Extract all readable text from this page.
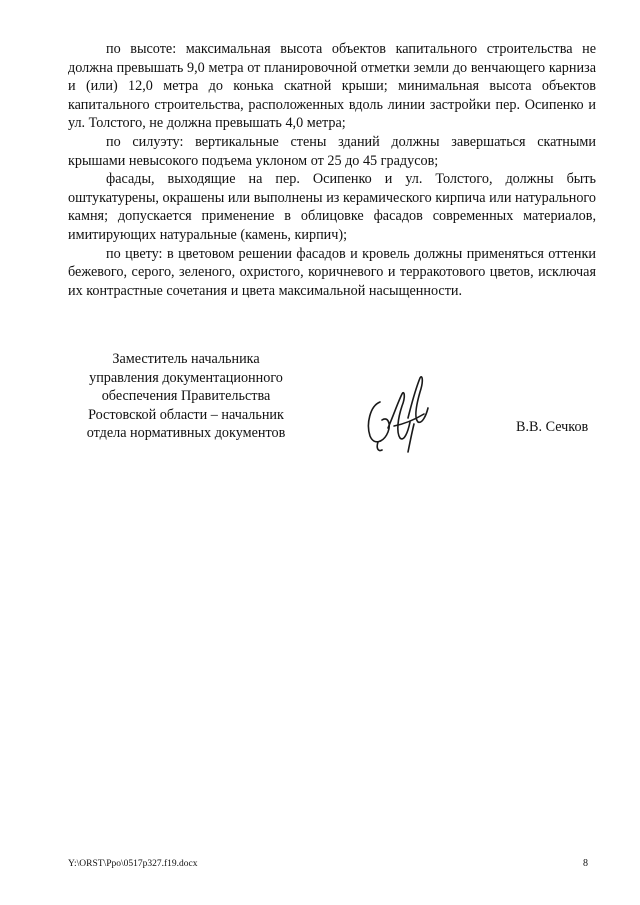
по высоте: максимальная высота объектов капитального строительства не должна превышать 9,0 метра от планировочной отметки земли до венчающего карниза и (или) 12,0 метра до конька скатной крыши; минимальная высота объектов капитального строительства, расположенных вдоль линии застройки пер. Осипенко и ул. Толстого, не должна превышать 4,0 метра;

по силуэту: вертикальные стены зданий должны завершаться скатными крышами невысокого подъема уклоном от 25 до 45 градусов;

фасады, выходящие на пер. Осипенко и ул. Толстого, должны быть оштукатурены, окрашены или выполнены из керамического кирпича или натурального камня; допускается применение в облицовке фасадов современных материалов, имитирующих натуральные (камень, кирпич);

по цвету: в цветовом решении фасадов и кровель должны применяться оттенки бежевого, серого, зеленого, охристого, коричневого и терракотового цветов, исключая их контрастные сочетания и цвета максимальной насыщенности.

Заместитель начальника
управления документационного
обеспечения Правительства
Ростовской области – начальник
отдела нормативных документов	В.В. Сечков
Y:\ORST\Ppo\0517p327.f19.docx	8
